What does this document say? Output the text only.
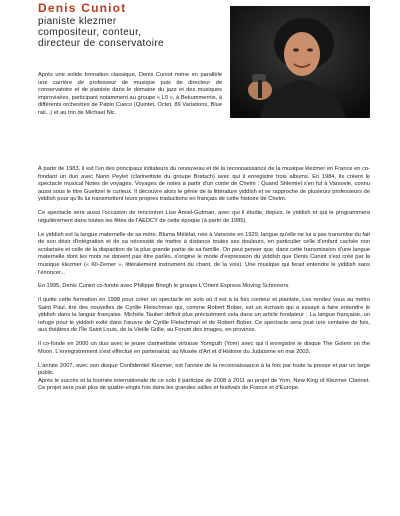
Denis Cuniot
pianiste klezmer
compositeur, conteur,
directeur de conservatoire
Après une solide formation classique, Denis Cuniot mène en parallèle une carrière de professeur de musique puis de directeur de conservatoire et de pianiste dans le domaine du jazz et des musiques improvisées, participant notamment au groupe « L0 », à Bekummernis, à différents orchestres de Pablo Cueco (Quintet, Octet, 89 Variations, Blue rail...) et au trio de Michael Nic.

À partir de 1983, il est l'un des principaux initiateurs du renouveau et de la reconnaissance de la musique klezmer en France en co-fondant un duo avec Nano Peylet (clarinettiste du groupe Bratsch) avec qui il enregistre trois albums. En 1984, ils créent le spectacle musical Notes de voyages, Voyages de notes à partir d'un conte de Chelm : Quand Shlemiel s'en fut à Varsovie, connu aussi sous le titre Gueltzel le curieux. Il découvre alors le génie de la littérature yiddish et se rapproche de plusieurs professeurs de yiddish pour qu'ils lui transmettent leurs propres traductions en français de cette histoire de Chelm.

Ce spectacle sera aussi l'occasion de rencontrer Lise Amiel-Gutman, avec qui il étudie, depuis, le yiddish et qui le programmera régulièrement dans toutes les fêtes de l'AEDCY de cette époque (à partir de 1985).

Le yiddish est la langue maternelle de sa mère, Bluma Mélélat, née à Varsovie en 1929, langue qu'elle ne lui a pas transmise du fait de son désir d'intégration et de sa nécessité de mettre à distance toutes ses douleurs, en particulier celle d'enfant cachée non scolarisée et celle de la disparition de la plus grande partie de sa famille. On peut penser que, dans cette transmission d'une langue maternelle dont les mots ne doivent pas être parlés, s'origine le mode d'expression du yiddish que Denis Cuniot s'est créé par la musique klezmer (« Kli-Zemer », littéralement instrument du chant, de la voix). Une musique qui ferait entendre le yiddish sans l'énoncer...

En 1995, Denis Cuniot co-fonde avec Philippe Briegh le groupe L'Orient Express Moving Schnorers.

Il quitte cette formation en 1998 pour créer un spectacle en solo où il est à la fois conteur et pianiste, Les rendez vous au métro Saint Paul, tiré des nouvelles de Cyrille Fleischman qui, comme Robert Bober, est un écrivain qui a essayé à faire entendre le yiddish dans la langue française. Michèle Tauber définit plus précisément cela dans un article fondateur : La langue française, un refuge pour le yiddish exilé dans l'œuvre de Cyrille Fleischman et de Robert Bober. Ce spectacle sera joué une centaine de fois, aux théâtres de l'Île Saint Louis, de la Vieille Grille, au Forum des images, en province.

Il co-fonde en 2000 un duo avec le jeune clarinettiste virtuose Yomguih (Yom) avec qui il enregistre le disque The Golem on the Moon. L'enregistrement s'est effectué en partenariat, au Musée d'Art et d'Histoire du Judaïsme en mai 2003.

L'année 2007, avec son disque Confidentiel Klezmer, est l'année de la reconnaissance à la fois par toute la presse et par un large public.

Après le succès et la tournée internationale de ce solo il participe de 2008 à 2011 au projet de Yom, New King of Klezmer Clarinet. Ce projet sera joué plus de quatre-vingts fois dans les grandes salles et festivals de France et d'Europe.
